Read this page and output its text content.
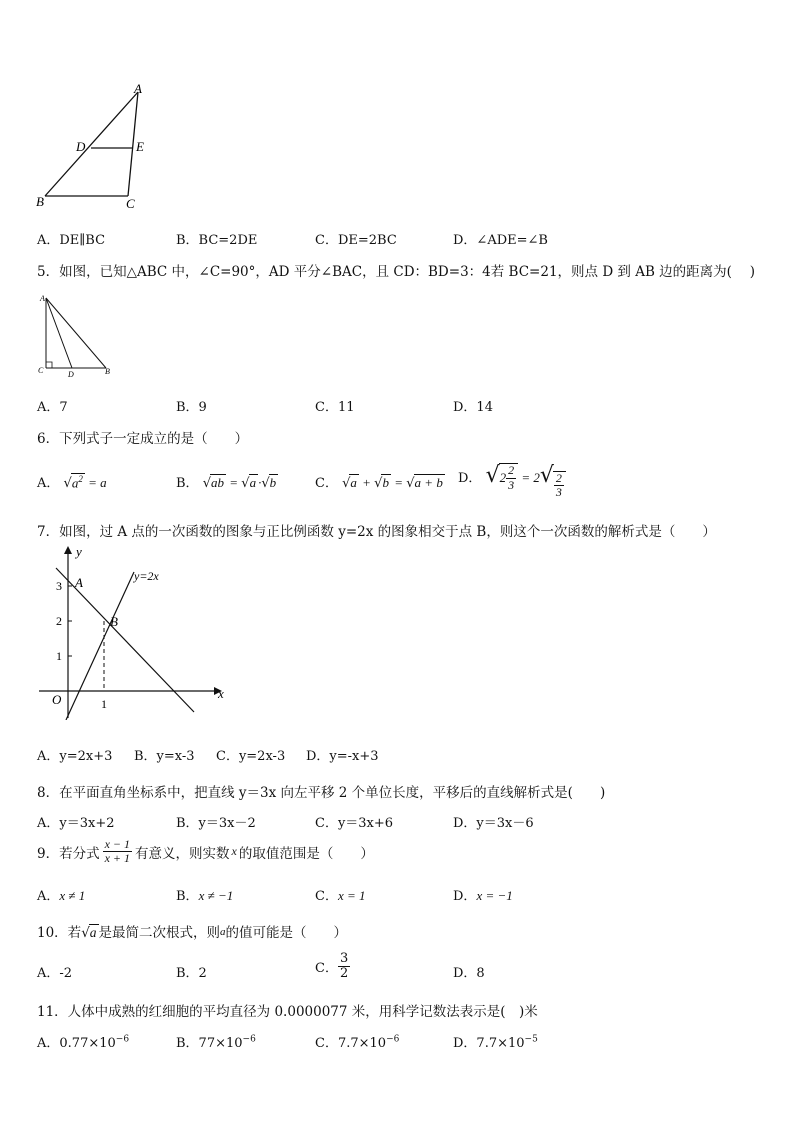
A
D	E
B	C
A．DE∥BC	B．BC=2DE	C．DE=2BC	D．∠ADE=∠B
5．如图，已知△ABC 中，∠C=90°，AD 平分∠BAC，且 CD：BD=3：4若 BC=21，则点 D 到 AB 边的距离为(　 )
A
C	D	B
A．7	B．9	C．11	D．14
6．下列式子一定成立的是（　　）
A． $√a^2 = a$	B． √ab = √a ·√b	C． √a + √b = √a + b D． √ $2 \frac{2}{3} = 2√ \frac{2}{3}$
7．如图，过 A 点的一次函数的图象与正比例函数 y=2x 的图象相交于点 B，则这个一次函数的解析式是（　　）
y
x
O
3
2
1
1
A
B
y=2x
A．y=2x+3 B．y=x-3 C．y=2x-3 D．y=-x+3
8．在平面直角坐标系中，把直线 y＝3x 向左平移 2 个单位长度，平移后的直线解析式是(　　)
A．y＝3x+2	B．y＝3x－2	C．y＝3x+6	D．y＝3x－6
9．若分式 $\frac{x - 1}{x + 1}$ 有意义，则实数 x 的取值范围是（　　）
A．x ≠ 1	B．x ≠ −1	C．x = 1	D．x = −1
10．若√a 是最简二次根式，则a的值可能是（　　）
A．-2	B．2	C． $\frac{3}{2}$	D．8
11．人体中成熟的红细胞的平均直径为 0.0000077 米，用科学记数法表示是(　)米
A．$0.77\times 10^{-6}$	B．$77\times 10^{-6}$	C．$7.7\times 10^{-6}$	D．$7.7\times 10^{-5}$
